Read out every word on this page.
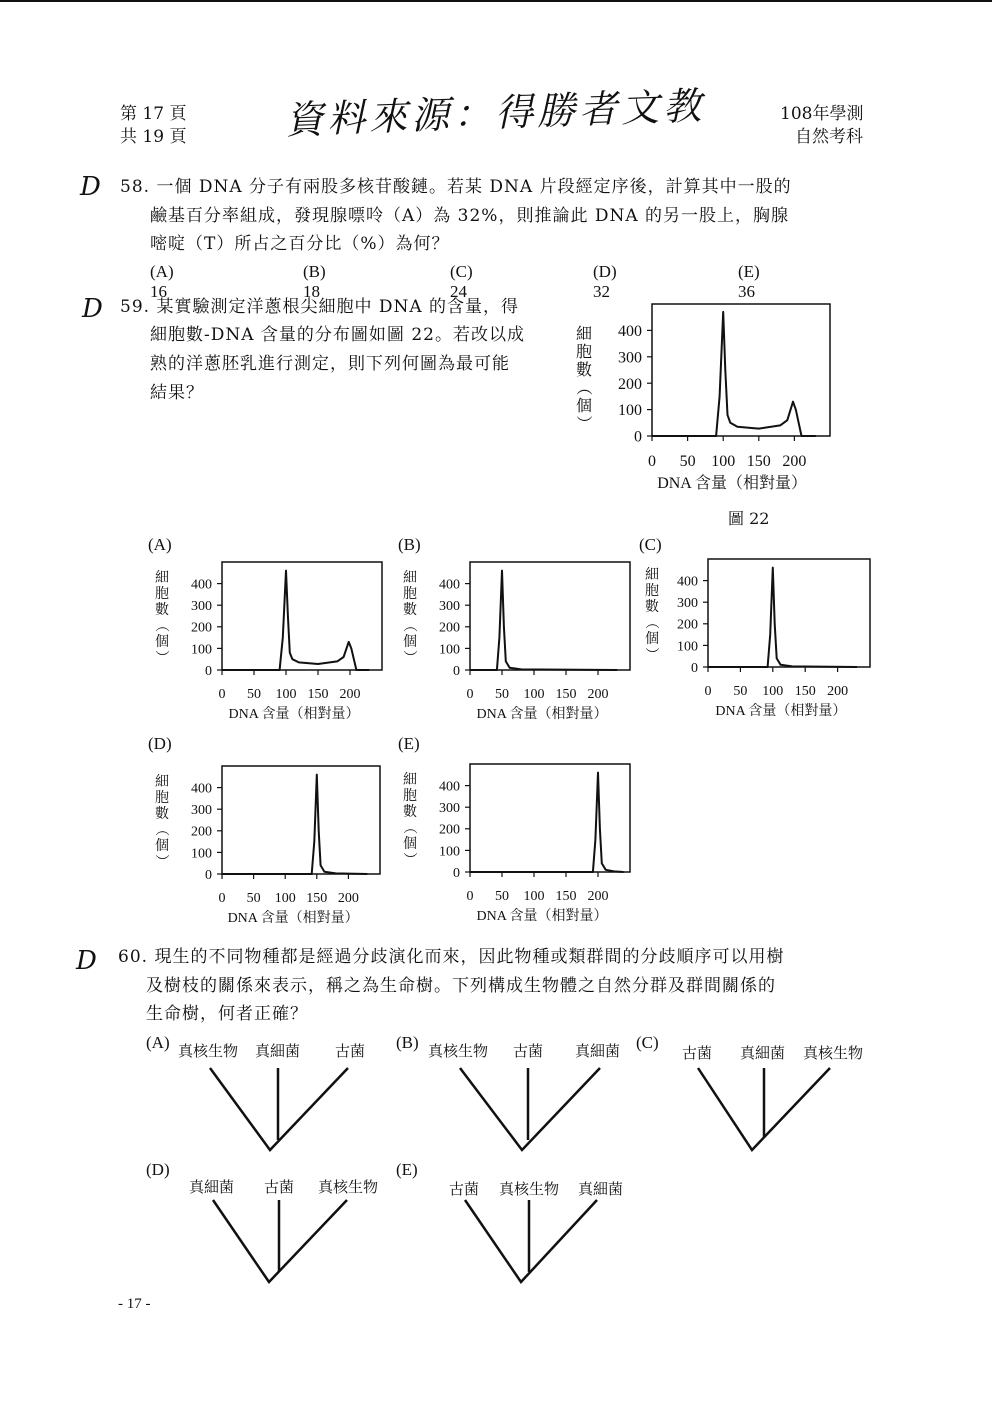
第 17 頁
共 19 頁	資料來源：得勝者文教	108年學測
自然考科
D 58. 一個 DNA 分子有兩股多核苷酸鏈。若某 DNA 片段經定序後，計算其中一股的
鹼基百分率組成，發現腺嘌呤（A）為 32%，則推論此 DNA 的另一股上，胸腺
嘧啶（T）所占之百分比（%）為何？
(A) 16
(B) 18
(C) 24
(D) 32
(E) 36
D 59. 某實驗測定洋蔥根尖細胞中 DNA 的含量，得
細胞數-DNA 含量的分布圖如圖 22。若改以成
熟的洋蔥胚乳進行測定，則下列何圖為最可能
結果？
0
100
200
300
400
0 50 100 150 200
DNA 含量（相對量）
細
胞
數
（
個
）
圖 22
(A)	(B)	(C)
(D)	(E)
0
100
200
300
400
0 50 100 150 200
DNA 含量（相對量）
細
胞
數
（
個
）
0
100
200
300
400
0 50 100 150 200
DNA 含量（相對量）
細
胞
數
（
個
）
0
100
200
300
400
0 50 100 150 200
DNA 含量（相對量）
細
胞
數
（
個
）
0
100
200
300
400
0 50 100 150 200
DNA 含量（相對量）
細
胞
數
（
個
）
0
100
200
300
400
0 50 100 150 200
DNA 含量（相對量）
細
胞
數
（
個
）
D 60. 現生的不同物種都是經過分歧演化而來，因此物種或類群間的分歧順序可以用樹
及樹枝的關係來表示，稱之為生命樹。下列構成生物體之自然分群及群間關係的
生命樹，何者正確？
(A) 真核生物 真細菌 古菌 (B) 真核生物 古菌 真細菌 (C)
古菌 真細菌 真核生物
(D)
真細菌 古菌 真核生物
(E)
古菌 真核生物 真細菌
- 17 -
